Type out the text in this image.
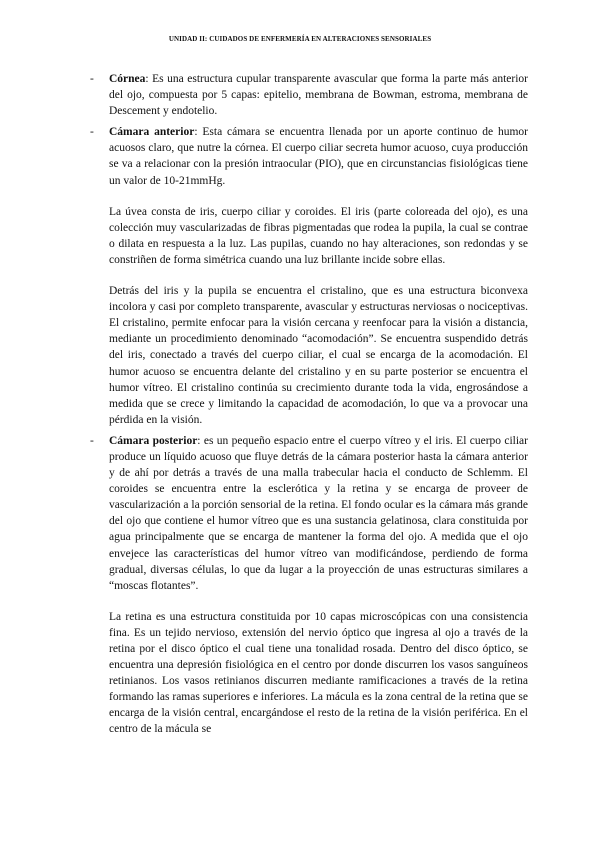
UNIDAD II: CUIDADOS DE ENFERMERÍA EN ALTERACIONES SENSORIALES
- Córnea: Es una estructura cupular transparente avascular que forma la parte más anterior del ojo, compuesta por 5 capas: epitelio, membrana de Bowman, estroma, membrana de Descement y endotelio.

- Cámara anterior: Esta cámara se encuentra llenada por un aporte continuo de humor acuosos claro, que nutre la córnea. El cuerpo ciliar secreta humor acuoso, cuya producción se va a relacionar con la presión intraocular (PIO), que en circunstancias fisiológicas tiene un valor de 10-21mmHg.

La úvea consta de iris, cuerpo ciliar y coroides. El iris (parte coloreada del ojo), es una colección muy vascularizadas de fibras pigmentadas que rodea la pupila, la cual se contrae o dilata en respuesta a la luz. Las pupilas, cuando no hay alteraciones, son redondas y se constriñen de forma simétrica cuando una luz brillante incide sobre ellas.

Detrás del iris y la pupila se encuentra el cristalino, que es una estructura biconvexa incolora y casi por completo transparente, avascular y estructuras nerviosas o nociceptivas. El cristalino, permite enfocar para la visión cercana y reenfocar para la visión a distancia, mediante un procedimiento denominado “acomodación”. Se encuentra suspendido detrás del iris, conectado a través del cuerpo ciliar, el cual se encarga de la acomodación. El humor acuoso se encuentra delante del cristalino y en su parte posterior se encuentra el humor vítreo. El cristalino continúa su crecimiento durante toda la vida, engrosándose a medida que se crece y limitando la capacidad de acomodación, lo que va a provocar una pérdida en la visión.

- Cámara posterior: es un pequeño espacio entre el cuerpo vítreo y el iris. El cuerpo ciliar produce un líquido acuoso que fluye detrás de la cámara posterior hasta la cámara anterior y de ahí por detrás a través de una malla trabecular hacia el conducto de Schlemm. El coroides se encuentra entre la esclerótica y la retina y se encarga de proveer de vascularización a la porción sensorial de la retina. El fondo ocular es la cámara más grande del ojo que contiene el humor vítreo que es una sustancia gelatinosa, clara constituida por agua principalmente que se encarga de mantener la forma del ojo. A medida que el ojo envejece las características del humor vítreo van modificándose, perdiendo de forma gradual, diversas células, lo que da lugar a la proyección de unas estructuras similares a “moscas flotantes”.

La retina es una estructura constituida por 10 capas microscópicas con una consistencia fina. Es un tejido nervioso, extensión del nervio óptico que ingresa al ojo a través de la retina por el disco óptico el cual tiene una tonalidad rosada. Dentro del disco óptico, se encuentra una depresión fisiológica en el centro por donde discurren los vasos sanguíneos retinianos. Los vasos retinianos discurren mediante ramificaciones a través de la retina formando las ramas superiores e inferiores. La mácula es la zona central de la retina que se encarga de la visión central, encargándose el resto de la retina de la visión periférica. En el centro de la mácula se
